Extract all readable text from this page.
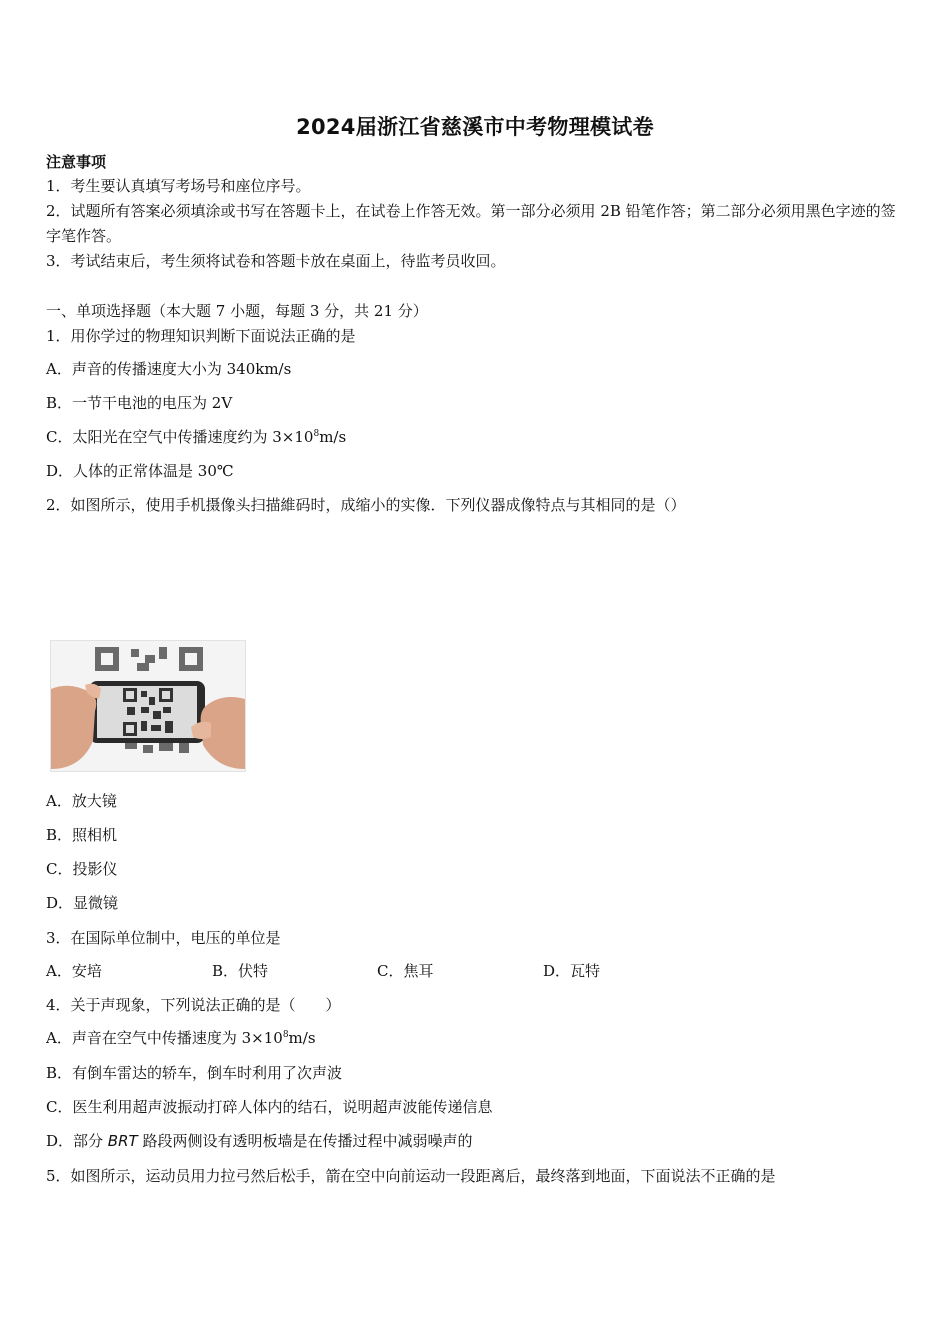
2024届浙江省慈溪市中考物理模试卷
注意事项
1．考生要认真填写考场号和座位序号。
2．试题所有答案必须填涂或书写在答题卡上，在试卷上作答无效。第一部分必须用 2B 铅笔作答；第二部分必须用黑色字迹的签字笔作答。
3．考试结束后，考生须将试卷和答题卡放在桌面上，待监考员收回。
一、单项选择题（本大题 7 小题，每题 3 分，共 21 分）
1．用你学过的物理知识判断下面说法正确的是
A．声音的传播速度大小为 340km/s
B．一节干电池的电压为 2V
C．太阳光在空气中传播速度约为 $3\times 10^8m/s$
D．人体的正常体温是 30℃
2．如图所示，使用手机摄像头扫描維码时，成缩小的实像．下列仪器成像特点与其相同的是（）
A．放大镜
B．照相机
C．投影仪
D．显微镜
3．在国际单位制中，电压的单位是
A．安培	B．伏特	C．焦耳	D．瓦特
4．关于声现象，下列说法正确的是（　　）
A．声音在空气中传播速度为 $3\times 10^8m/s$
B．有倒车雷达的轿车，倒车时利用了次声波
C．医生利用超声波振动打碎人体内的结石，说明超声波能传递信息
D．部分 BRT 路段两侧设有透明板墙是在传播过程中减弱噪声的
5．如图所示，运动员用力拉弓然后松手，箭在空中向前运动一段距离后，最终落到地面，下面说法不正确的是
